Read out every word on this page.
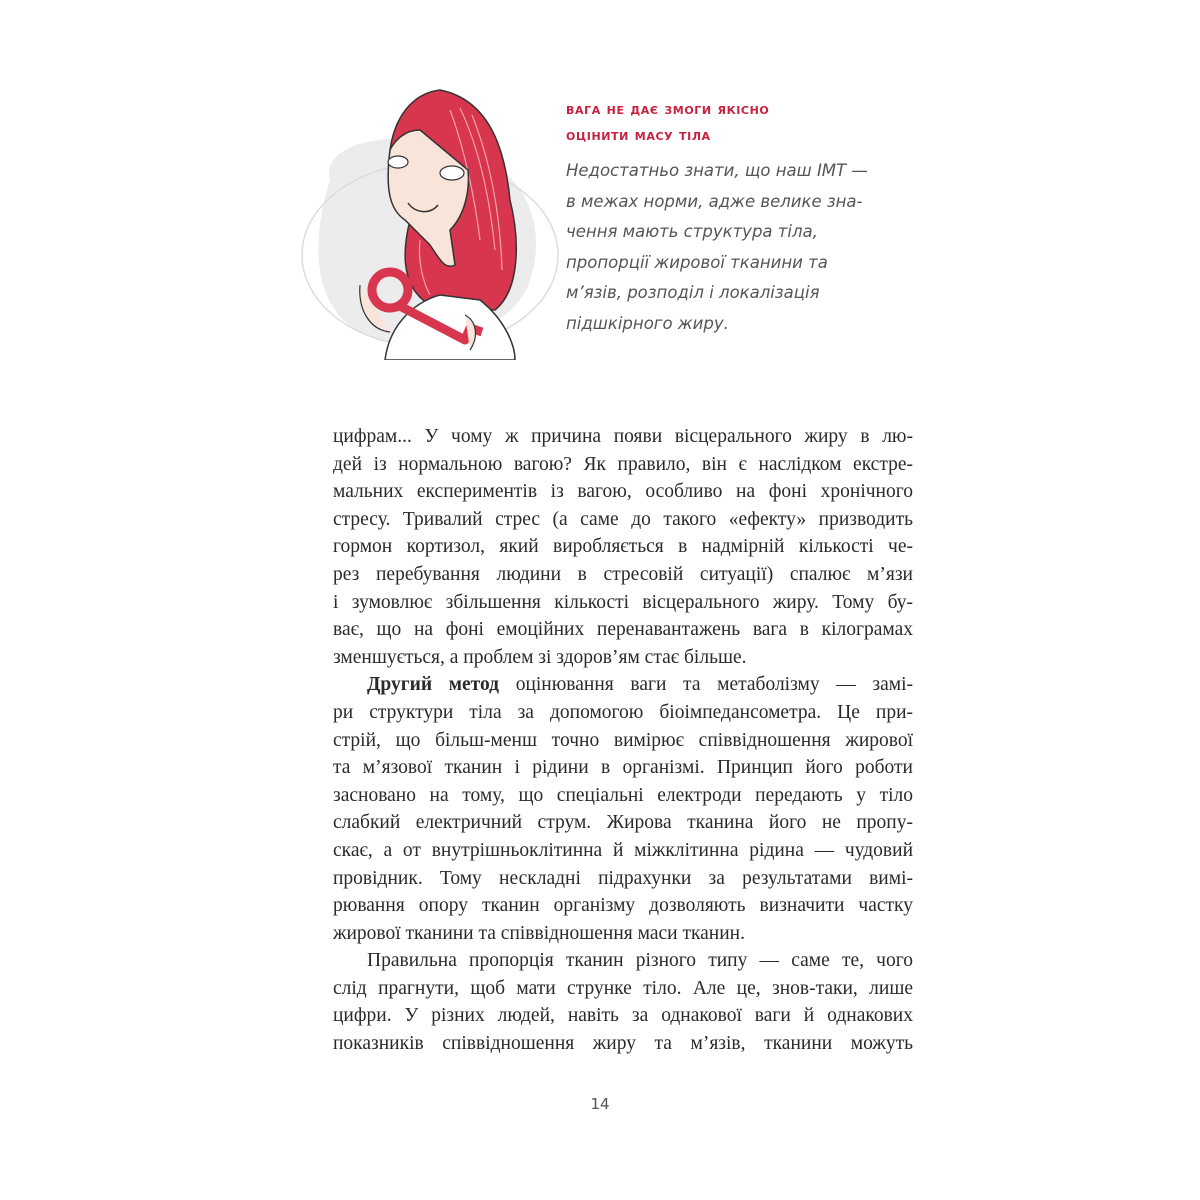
вага не дає змоги якісно
оцінити масу тіла
Недостатньо знати, що наш ІМТ —
в межах норми, адже велике зна-
чення мають структура тіла,
пропорції жирової тканини та
м’язів, розподіл і локалізація
підшкірного жиру.
цифрам... У чому ж причина появи вісцерального жиру в лю-
дей із нормальною вагою? Як правило, він є наслідком екстре-
мальних експериментів із вагою, особливо на фоні хронічного
стресу. Тривалий стрес (а саме до такого «ефекту» призводить
гормон кортизол, який виробляється в надмірній кількості че-
рез перебування людини в стресовій ситуації) спалює м’язи
і зумовлює збільшення кількості вісцерального жиру. Тому бу-
ває, що на фоні емоційних перенавантажень вага в кілограмах
зменшується, а проблем зі здоров’ям стає більше.
Другий метод оцінювання ваги та метаболізму — замі-
ри структури тіла за допомогою біоімпедансометра. Це при-
стрій, що більш-менш точно вимірює співвідношення жирової
та м’язової тканин і рідини в організмі. Принцип його роботи
засновано на тому, що спеціальні електроди передають у тіло
слабкий електричний струм. Жирова тканина його не пропу-
скає, а от внутрішньоклітинна й міжклітинна рідина — чудовий
провідник. Тому нескладні підрахунки за результатами вимі-
рювання опору тканин організму дозволяють визначити частку
жирової тканини та співвідношення маси тканин.
Правильна пропорція тканин різного типу — саме те, чого
слід прагнути, щоб мати струнке тіло. Але це, знов-таки, лише
цифри. У різних людей, навіть за однакової ваги й однакових
показників співвідношення жиру та м’язів, тканини можуть
14
